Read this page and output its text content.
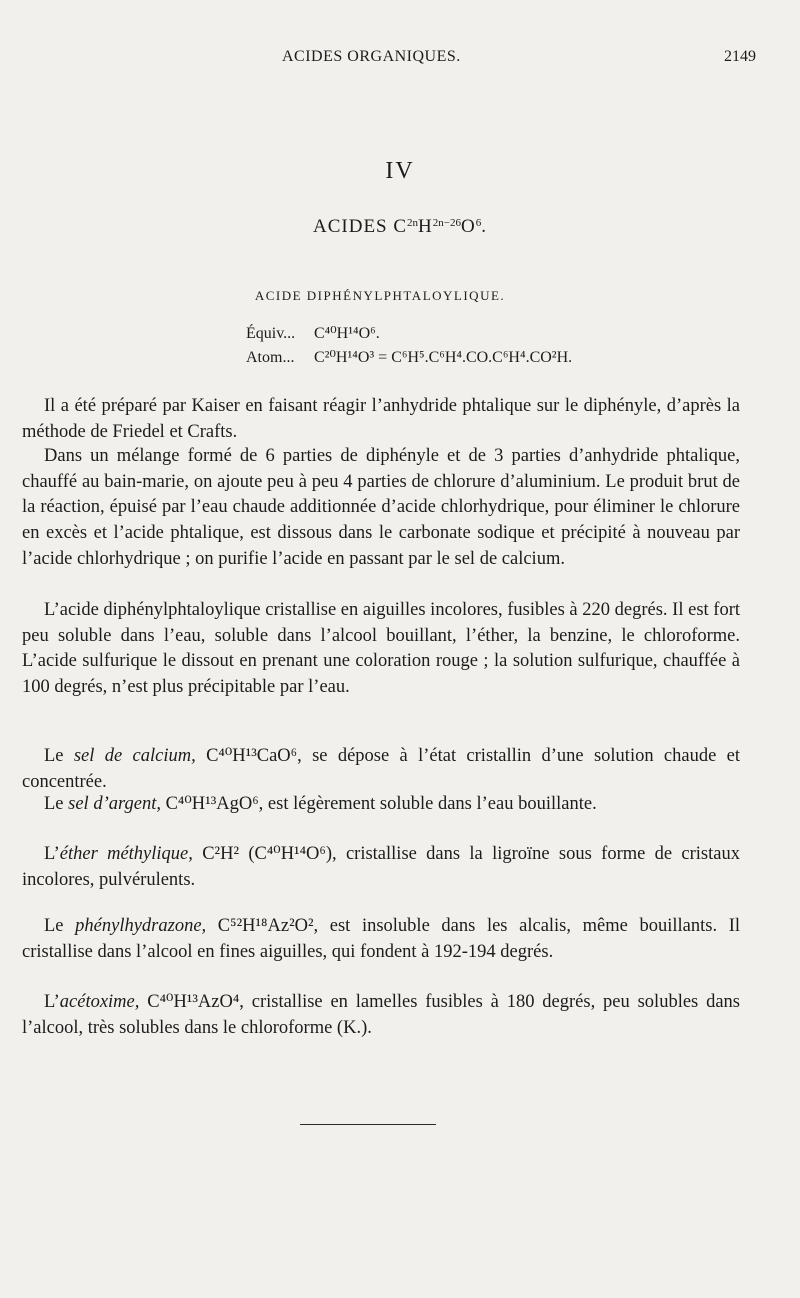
ACIDES ORGANIQUES.	2149
IV
ACIDES $C^{2n}H^{2n-26}O^6$.
ACIDE DIPHÉNYLPHTALOYLIQUE.
Équiv...	C⁴⁰H¹⁴O⁶.
Atom...	C²⁰H¹⁴O³ = C⁶H⁵.C⁶H⁴.CO.C⁶H⁴.CO²H.

Il a été préparé par Kaiser en faisant réagir l’anhydride phtalique sur le diphényle, d’après la méthode de Friedel et Crafts.

Dans un mélange formé de 6 parties de diphényle et de 3 parties d’anhydride phtalique, chauffé au bain-marie, on ajoute peu à peu 4 parties de chlorure d’aluminium. Le produit brut de la réaction, épuisé par l’eau chaude additionnée d’acide chlorhydrique, pour éliminer le chlorure en excès et l’acide phtalique, est dissous dans le carbonate sodique et précipité à nouveau par l’acide chlorhydrique ; on purifie l’acide en passant par le sel de calcium.

L’acide diphénylphtaloylique cristallise en aiguilles incolores, fusibles à 220 degrés. Il est fort peu soluble dans l’eau, soluble dans l’alcool bouillant, l’éther, la benzine, le chloroforme. L’acide sulfurique le dissout en prenant une coloration rouge ; la solution sulfurique, chauffée à 100 degrés, n’est plus précipitable par l’eau.

Le sel de calcium, C⁴⁰H¹³CaO⁶, se dépose à l’état cristallin d’une solution chaude et concentrée.

Le sel d’argent, C⁴⁰H¹³AgO⁶, est légèrement soluble dans l’eau bouillante.

L’éther méthylique, C²H² (C⁴⁰H¹⁴O⁶), cristallise dans la ligroïne sous forme de cristaux incolores, pulvérulents.

Le phénylhydrazone, C⁵²H¹⁸Az²O², est insoluble dans les alcalis, même bouillants. Il cristallise dans l’alcool en fines aiguilles, qui fondent à 192-194 degrés.

L’acétoxime, C⁴⁰H¹³AzO⁴, cristallise en lamelles fusibles à 180 degrés, peu solubles dans l’alcool, très solubles dans le chloroforme (K.).
